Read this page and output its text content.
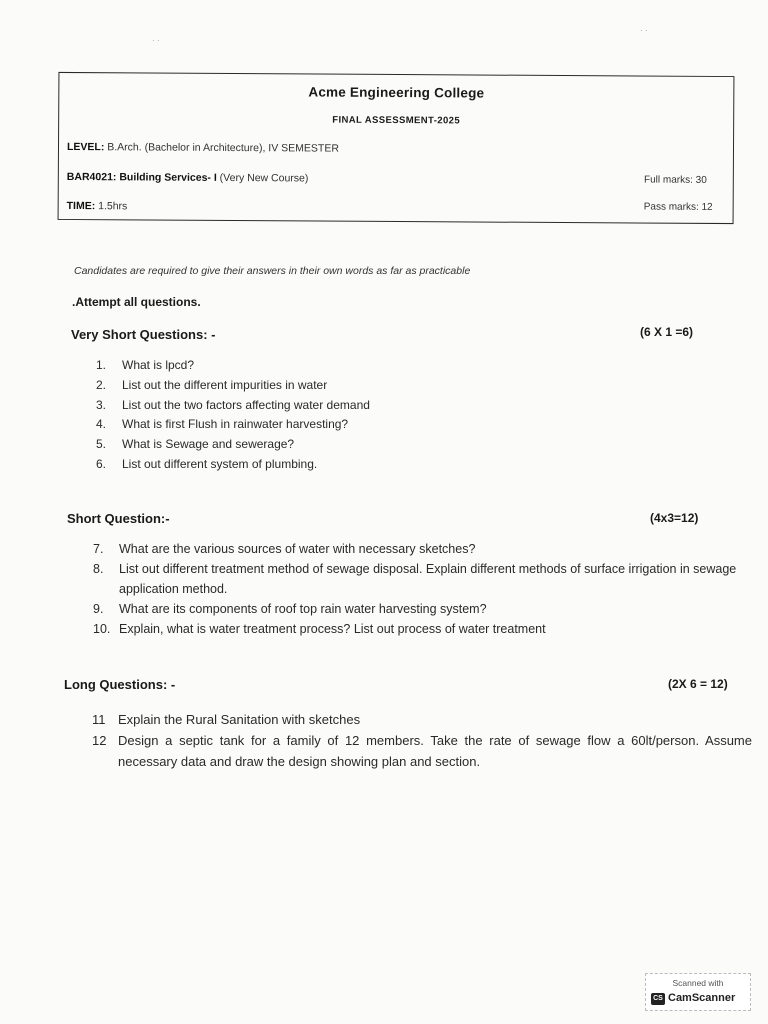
· ·
· ·
Acme Engineering College
FINAL ASSESSMENT-2025
LEVEL: B.Arch. (Bachelor in Architecture), IV SEMESTER
BAR4021: Building Services- I (Very New Course)	Full marks: 30
TIME: 1.5hrs	Pass marks: 12
Candidates are required to give their answers in their own words as far as practicable
.Attempt all questions.
Very Short Questions: -	(6 X 1 =6)
1. What is lpcd?
2. List out the different impurities in water
3. List out the two factors affecting water demand
4. What is first Flush in rainwater harvesting?
5. What is Sewage and sewerage?
6. List out different system of plumbing.
Short Question:-	(4x3=12)
7. What are the various sources of water with necessary sketches?
8. List out different treatment method of sewage disposal. Explain different methods of surface irrigation in sewage application method.
9. What are its components of roof top rain water harvesting system?
10. Explain, what is water treatment process? List out process of water treatment
Long Questions: -	(2X 6 = 12)
11 Explain the Rural Sanitation with sketches
12 Design a septic tank for a family of 12 members. Take the rate of sewage flow a 60lt/person. Assume necessary data and draw the design showing plan and section.
Scanned with
CS CamScanner
